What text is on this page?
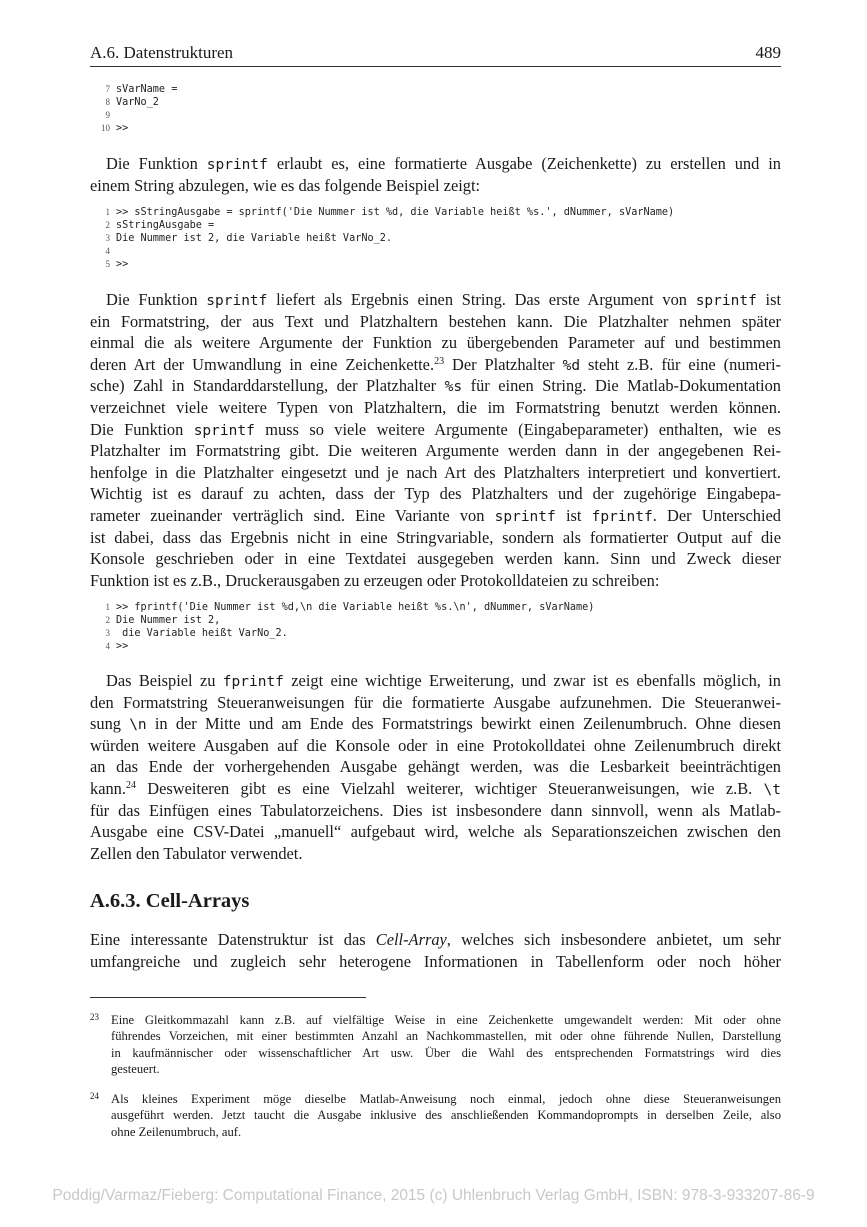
A.6. Datenstrukturen	489
7 sVarName =
8 VarNo_2
9
10 >>
Die Funktion sprintf erlaubt es, eine formatierte Ausgabe (Zeichenkette) zu erstellen und in
einem String abzulegen, wie es das folgende Beispiel zeigt:
1 >> sStringAusgabe = sprintf('Die Nummer ist %d, die Variable heißt %s.', dNummer, sVarName)
2 sStringAusgabe =
3 Die Nummer ist 2, die Variable heißt VarNo_2.
4
5 >>
Die Funktion sprintf liefert als Ergebnis einen String. Das erste Argument von sprintf ist
ein Formatstring, der aus Text und Platzhaltern bestehen kann. Die Platzhalter nehmen später
einmal die als weitere Argumente der Funktion zu übergebenden Parameter auf und bestimmen
deren Art der Umwandlung in eine Zeichenkette.$^{23}$ Der Platzhalter %d steht z.B. für eine (numeri-
sche) Zahl in Standarddarstellung, der Platzhalter %s für einen String. Die Matlab-Dokumentation
verzeichnet viele weitere Typen von Platzhaltern, die im Formatstring benutzt werden können.
Die Funktion sprintf muss so viele weitere Argumente (Eingabeparameter) enthalten, wie es
Platzhalter im Formatstring gibt. Die weiteren Argumente werden dann in der angegebenen Rei-
henfolge in die Platzhalter eingesetzt und je nach Art des Platzhalters interpretiert und konvertiert.
Wichtig ist es darauf zu achten, dass der Typ des Platzhalters und der zugehörige Eingabepa-
rameter zueinander verträglich sind. Eine Variante von sprintf ist fprintf. Der Unterschied
ist dabei, dass das Ergebnis nicht in eine Stringvariable, sondern als formatierter Output auf die
Konsole geschrieben oder in eine Textdatei ausgegeben werden kann. Sinn und Zweck dieser
Funktion ist es z.B., Druckerausgaben zu erzeugen oder Protokolldateien zu schreiben:
1 >> fprintf('Die Nummer ist %d,\n die Variable heißt %s.\n', dNummer, sVarName)
2 Die Nummer ist 2,
3 die Variable heißt VarNo_2.
4 >>
Das Beispiel zu fprintf zeigt eine wichtige Erweiterung, und zwar ist es ebenfalls möglich, in
den Formatstring Steueranweisungen für die formatierte Ausgabe aufzunehmen. Die Steueranwei-
sung \n in der Mitte und am Ende des Formatstrings bewirkt einen Zeilenumbruch. Ohne diesen
würden weitere Ausgaben auf die Konsole oder in eine Protokolldatei ohne Zeilenumbruch direkt
an das Ende der vorhergehenden Ausgabe gehängt werden, was die Lesbarkeit beeinträchtigen
kann.$^{24}$ Desweiteren gibt es eine Vielzahl weiterer, wichtiger Steueranweisungen, wie z.B. \t
für das Einfügen eines Tabulatorzeichens. Dies ist insbesondere dann sinnvoll, wenn als Matlab-
Ausgabe eine CSV-Datei „manuell“ aufgebaut wird, welche als Separationszeichen zwischen den
Zellen den Tabulator verwendet.
A.6.3. Cell-Arrays
Eine interessante Datenstruktur ist das Cell-Array, welches sich insbesondere anbietet, um sehr
umfangreiche und zugleich sehr heterogene Informationen in Tabellenform oder noch höher
23 Eine Gleitkommazahl kann z.B. auf vielfältige Weise in eine Zeichenkette umgewandelt werden: Mit oder ohne
führendes Vorzeichen, mit einer bestimmten Anzahl an Nachkommastellen, mit oder ohne führende Nullen, Darstellung
in kaufmännischer oder wissenschaftlicher Art usw. Über die Wahl des entsprechenden Formatstrings wird dies
gesteuert.
24 Als kleines Experiment möge dieselbe Matlab-Anweisung noch einmal, jedoch ohne diese Steueranweisungen
ausgeführt werden. Jetzt taucht die Ausgabe inklusive des anschließenden Kommandoprompts in derselben Zeile, also
ohne Zeilenumbruch, auf.
Poddig/Varmaz/Fieberg: Computational Finance, 2015 (c) Uhlenbruch Verlag GmbH, ISBN: 978-3-933207-86-9
